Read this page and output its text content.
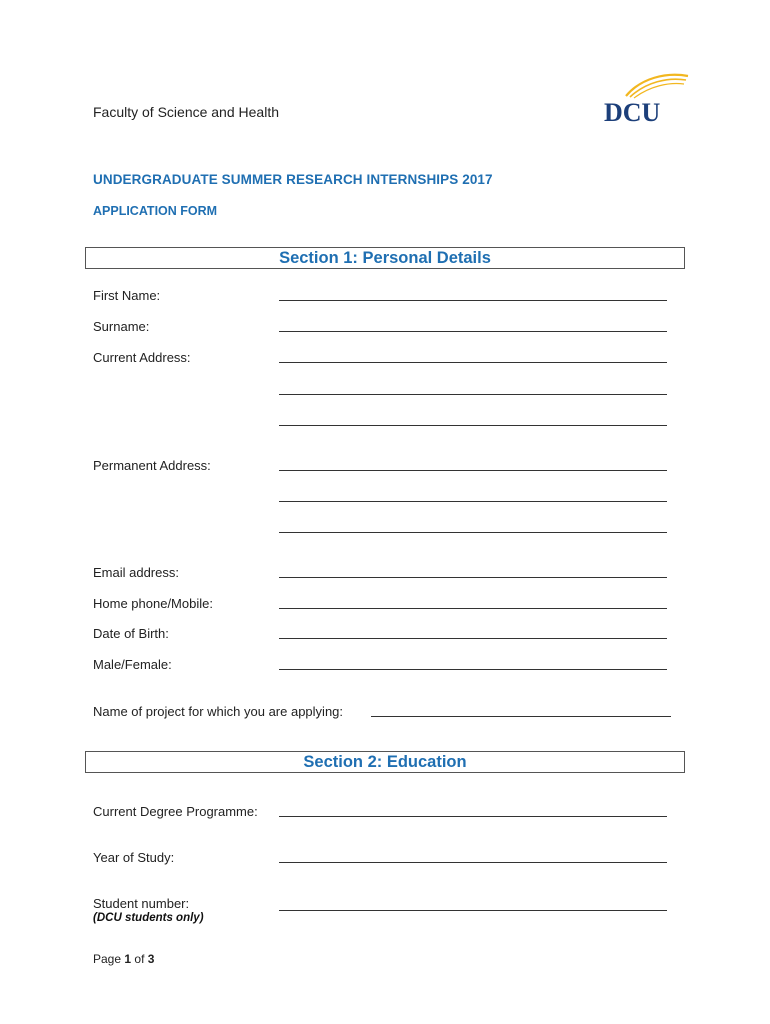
Faculty of Science and Health	DCU
UNDERGRADUATE SUMMER RESEARCH INTERNSHIPS 2017
APPLICATION FORM
Section 1: Personal Details
First Name:
Surname:
Current Address:
Permanent Address:
Email address:
Home phone/Mobile:
Date of Birth:
Male/Female:
Name of project for which you are applying:
Section 2: Education
Current Degree Programme:
Year of Study:
Student number:
(DCU students only)
Page 1 of 3
